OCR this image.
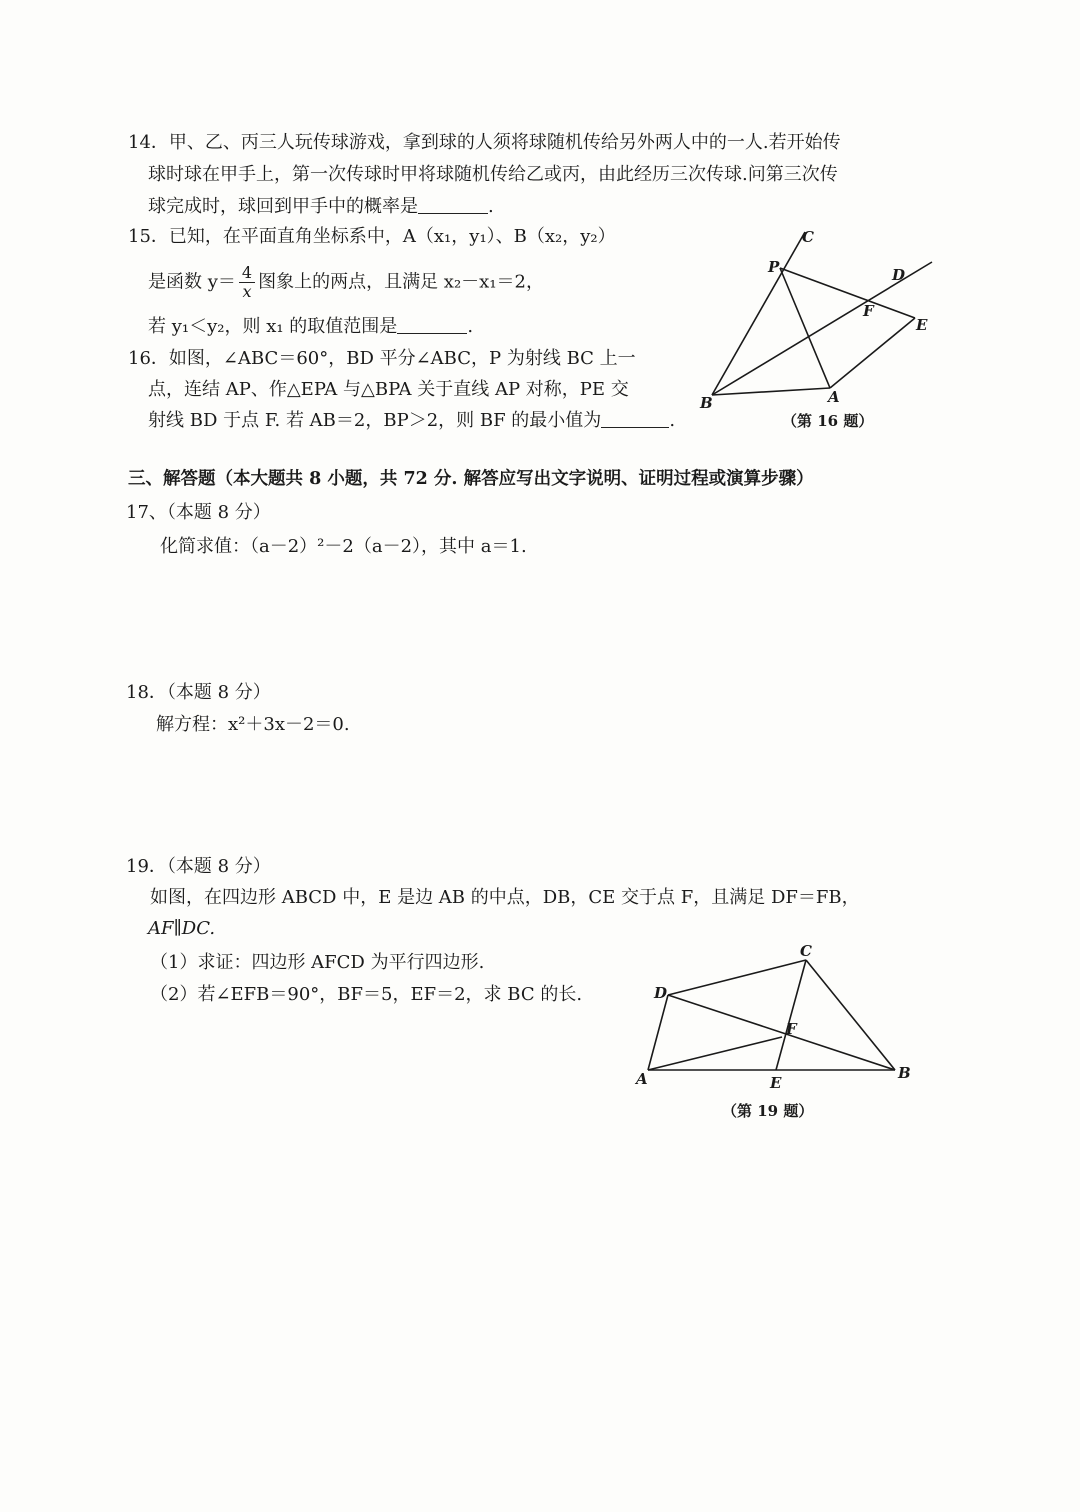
14．甲、乙、丙三人玩传球游戏，拿到球的人须将球随机传给另外两人中的一人.若开始传
球时球在甲手上，第一次传球时甲将球随机传给乙或丙，由此经历三次传球.问第三次传
球完成时，球回到甲手中的概率是	.
15．已知，在平面直角坐标系中，A（x₁，y₁）、B（x₂，y₂）
是函数 $y= \frac{4}{x}$ 图象上的两点，且满足 x₂－x₁＝2，
若 y₁＜y₂，则 x₁ 的取值范围是	.
16．如图，∠ABC＝60°，BD 平分∠ABC，P 为射线 BC 上一
点，连结 AP、作△EPA 与△BPA 关于直线 AP 对称，PE 交
射线 BD 于点 F. 若 AB＝2，BP＞2，则 BF 的最小值为	.
C
P	D
F
E
B	A
（第 16 题）
三、解答题（本大题共 8 小题，共 72 分. 解答应写出文字说明、证明过程或演算步骤）
17、（本题 8 分）
化简求值：（a－2）²－2（a－2），其中 a＝1.
18．（本题 8 分）
解方程：x²＋3x－2＝0.
19．（本题 8 分）
如图，在四边形 ABCD 中，E 是边 AB 的中点，DB，CE 交于点 F，且满足 DF＝FB，
AF∥DC.
（1）求证：四边形 AFCD 为平行四边形.
（2）若∠EFB＝90°，BF＝5，EF＝2，求 BC 的长.
C
D
F
A	E
B
（第 19 题）
